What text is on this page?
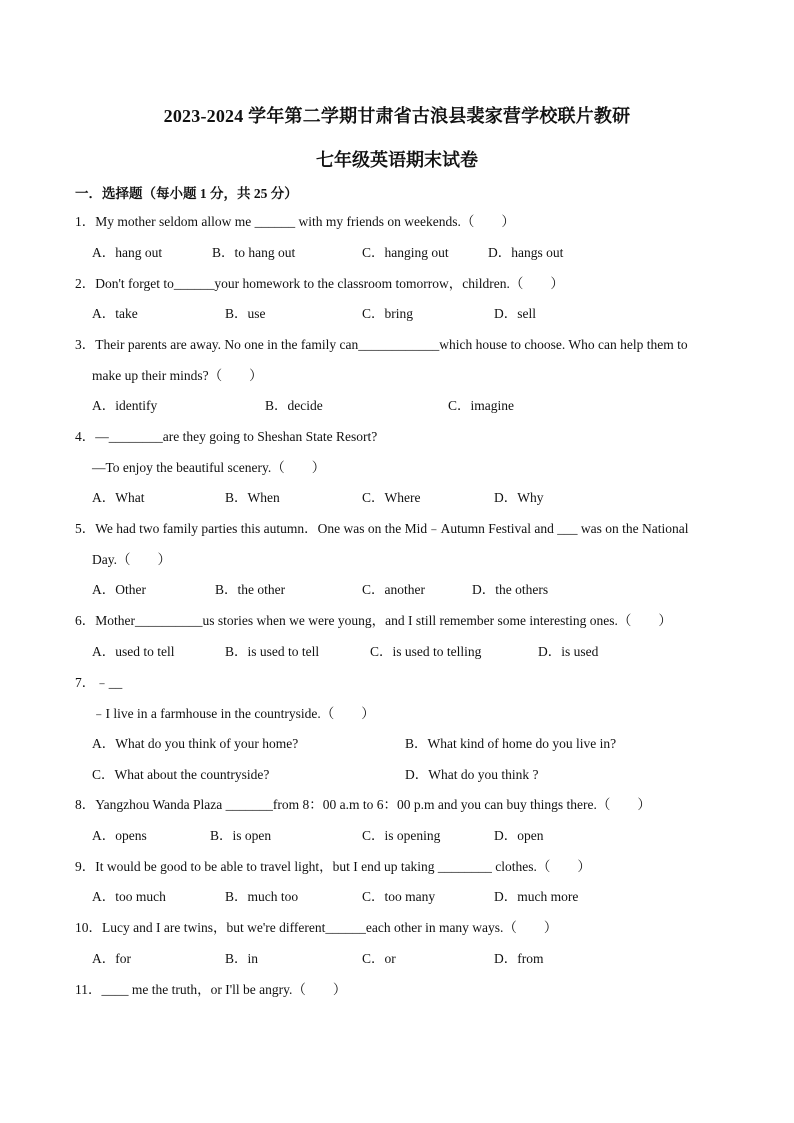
2023-2024 学年第二学期甘肃省古浪县裴家营学校联片教研
七年级英语期末试卷
一．选择题（每小题 1 分，共 25 分）
1．My mother seldom allow me ______ with my friends on weekends.（　　）
A．hang out	B．to hang out	C．hanging out	D．hangs out
2．Don't forget to______your homework to the classroom tomorrow，children.（　　）
A．take	B．use	C．bring	D．sell
3．Their parents are away. No one in the family can____________which house to choose. Who can help them to
make up their minds?（　　）
A．identify	B．decide	C．imagine
4．—________are they going to Sheshan State Resort?
—To enjoy the beautiful scenery.（　　）
A．What	B．When	C．Where	D．Why
5．We had two family parties this autumn．One was on the Mid﹣Autumn Festival and ___ was on the National
Day.（　　）
A．Other	B．the other	C．another	D．the others
6．Mother__________us stories when we were young，and I still remember some interesting ones.（　　）
A．used to tell	B．is used to tell	C．is used to telling	D．is used
7．﹣__
﹣I live in a farmhouse in the countryside.（　　）
A．What do you think of your home?	B．What kind of home do you live in?
C．What about the countryside?	D．What do you think ?
8．Yangzhou Wanda Plaza _______from 8：00 a.m to 6：00 p.m and you can buy things there.（　　）
A．opens	B．is open	C．is opening	D．open
9．It would be good to be able to travel light，but I end up taking ________ clothes.（　　）
A．too much	B．much too	C．too many	D．much more
10．Lucy and I are twins，but we're different______each other in many ways.（　　）
A．for	B．in	C．or	D．from
11．____ me the truth，or I'll be angry.（　　）
